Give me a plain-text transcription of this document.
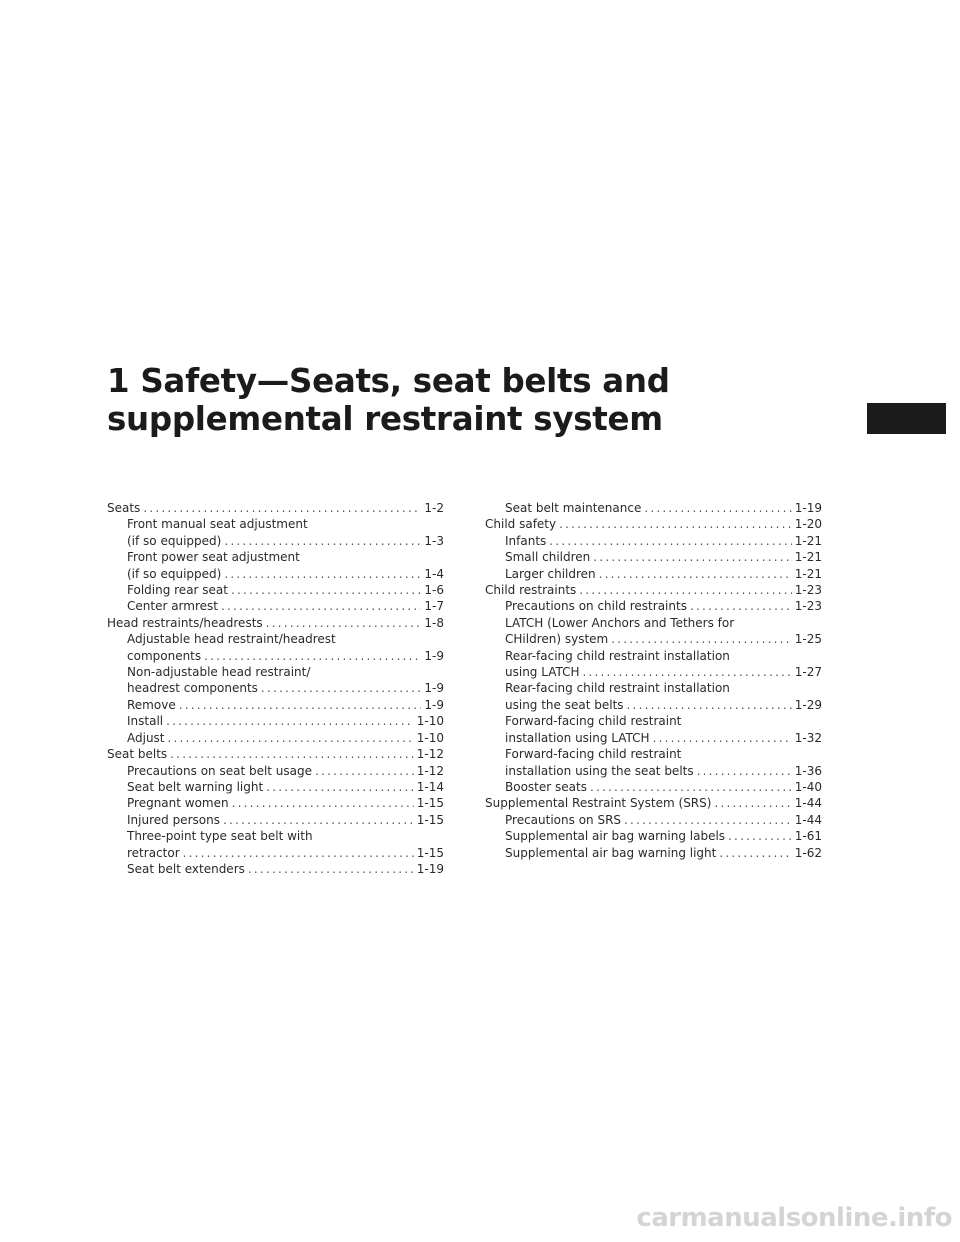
1 Safety—Seats, seat belts and
supplemental restraint system
Seats .....	1-2
Front manual seat adjustment
(if so equipped) .....	1-3
Front power seat adjustment
(if so equipped) .....	1-4
Folding rear seat .....	1-6
Center armrest .....	1-7
Head restraints/headrests .....	1-8
Adjustable head restraint/headrest
components .....	1-9
Non-adjustable head restraint/
headrest components .....	1-9
Remove .....	1-9
Install .....	1-10
Adjust .....	1-10
Seat belts .....	1-12
Precautions on seat belt usage .....	1-12
Seat belt warning light .....	1-14
Pregnant women .....	1-15
Injured persons .....	1-15
Three-point type seat belt with
retractor .....	1-15
Seat belt extenders .....	1-19
Seat belt maintenance .....	1-19
Child safety .....	1-20
Infants .....	1-21
Small children .....	1-21
Larger children .....	1-21
Child restraints .....	1-23
Precautions on child restraints .....	1-23
LATCH (Lower Anchors and Tethers for
CHildren) system .....	1-25
Rear-facing child restraint installation
using LATCH .....	1-27
Rear-facing child restraint installation
using the seat belts .....	1-29
Forward-facing child restraint
installation using LATCH .....	1-32
Forward-facing child restraint
installation using the seat belts .....	1-36
Booster seats .....	1-40
Supplemental Restraint System (SRS) .....	1-44
Precautions on SRS .....	1-44
Supplemental air bag warning labels .....	1-61
Supplemental air bag warning light .....	1-62
carmanualsonline.info
